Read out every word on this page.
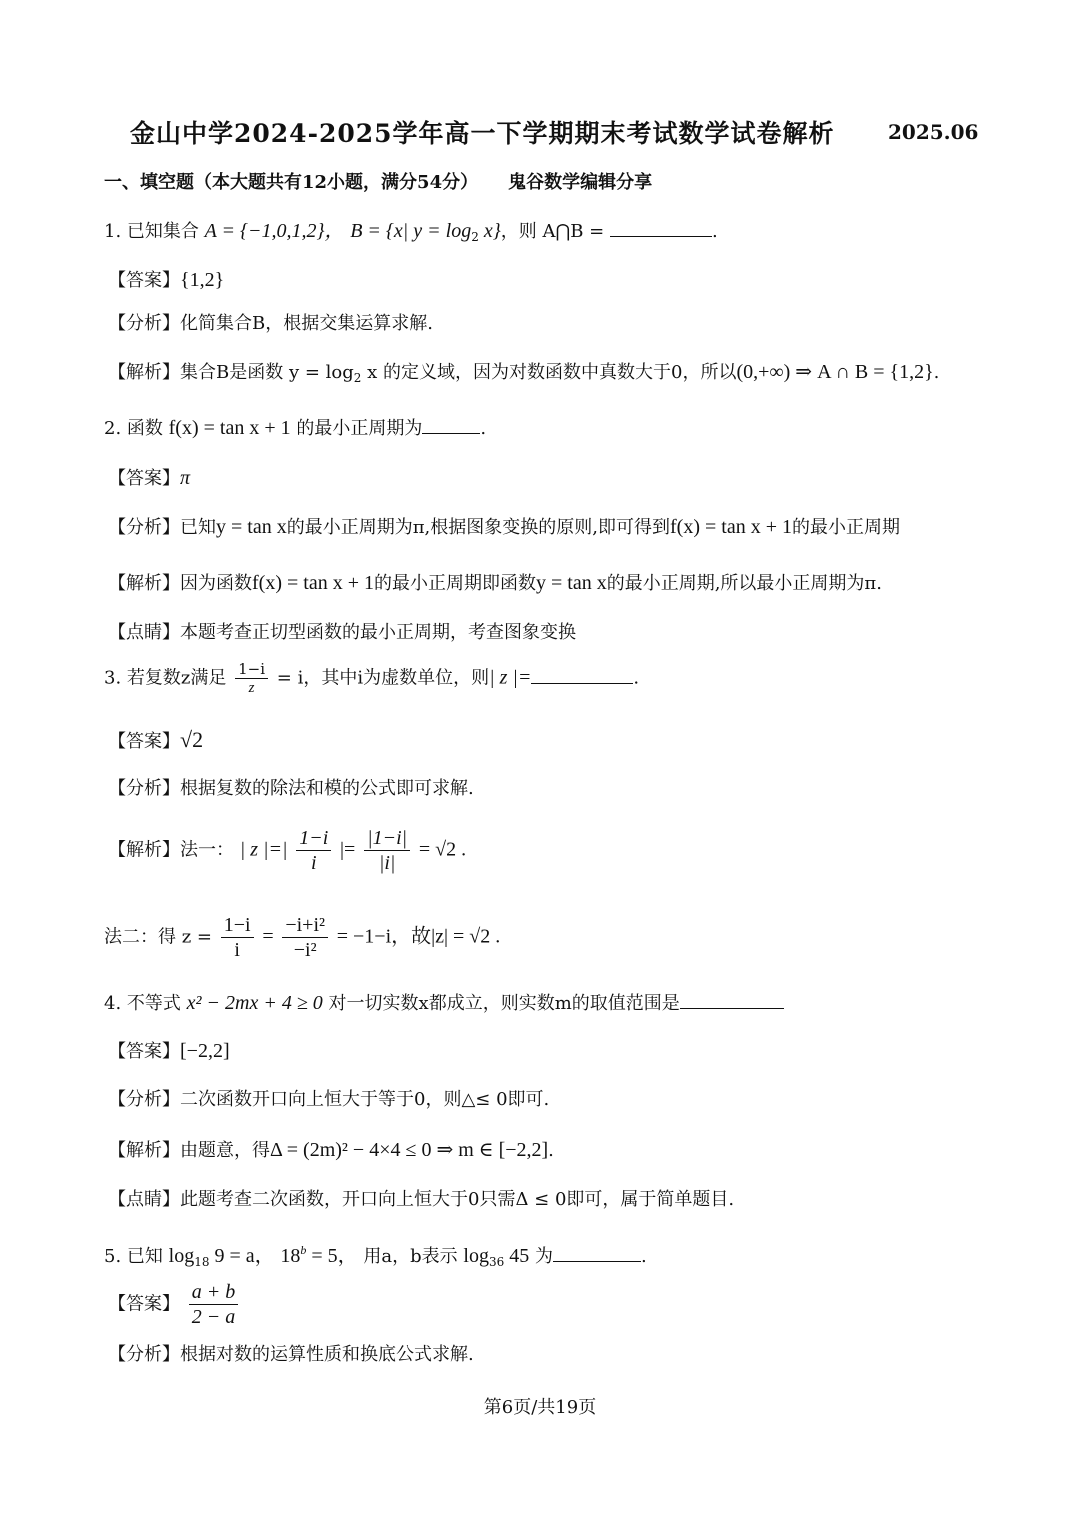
金山中学2024-2025学年高一下学期期末考试数学试卷解析	2025.06
一、填空题（本大题共有12小题，满分54分） 鬼谷数学编辑分享
1. 已知集合 A = {−1,0,1,2}， B = {x| $y = \log_2 x$}，则 A⋂B =	.
【答案】{1,2}
【分析】化简集合B，根据交集运算求解.
【解析】集合B是函数 $y = \log_2 x$ 的定义域，因为对数函数中真数大于0，所以(0,+∞) ⇒ A ∩ B = {1,2}.
2. 函数 f(x) = tan x + 1 的最小正周期为	.
【答案】π
【分析】已知y = tan x的最小正周期为π,根据图象变换的原则,即可得到f(x) = tan x + 1的最小正周期
【解析】因为函数f(x) = tan x + 1的最小正周期即函数y = tan x的最小正周期,所以最小正周期为π.
【点睛】本题考查正切型函数的最小正周期，考查图象变换
3. 若复数z满足 $\frac{1-i}{z} = i$，其中i为虚数单位，则| z |=	.
【答案】√2
【分析】根据复数的除法和模的公式即可求解.
【解析】法一： | z |=| $\frac{1-i}{i}$ |= $\frac{|1-i|}{|i|} = √2$ .
法二：得 $z = \frac{1-i}{i} = \frac{\text{−i+i²}}{\text{−i²}} = -1-i$，故|z| = √2 .
4. 不等式 x² − 2mx + 4 ≥ 0 对一切实数x都成立，则实数m的取值范围是
【答案】[−2,2]
【分析】二次函数开口向上恒大于等于0，则△≤ 0即可.
【解析】由题意，得Δ = (2m)² − 4×4 ≤ 0 ⇒ m ∈ [−2,2].
【点睛】此题考查二次函数，开口向上恒大于0只需Δ ≤ 0即可，属于简单题目.
5. 已知 $\log_{18} 9 = a$， $18^b = 5$， 用a，b表示 $\log_{36} 45$ 为	.
【答案】 $\frac{a + b}{2 - a}$
【分析】根据对数的运算性质和换底公式求解.
第6页/共19页
